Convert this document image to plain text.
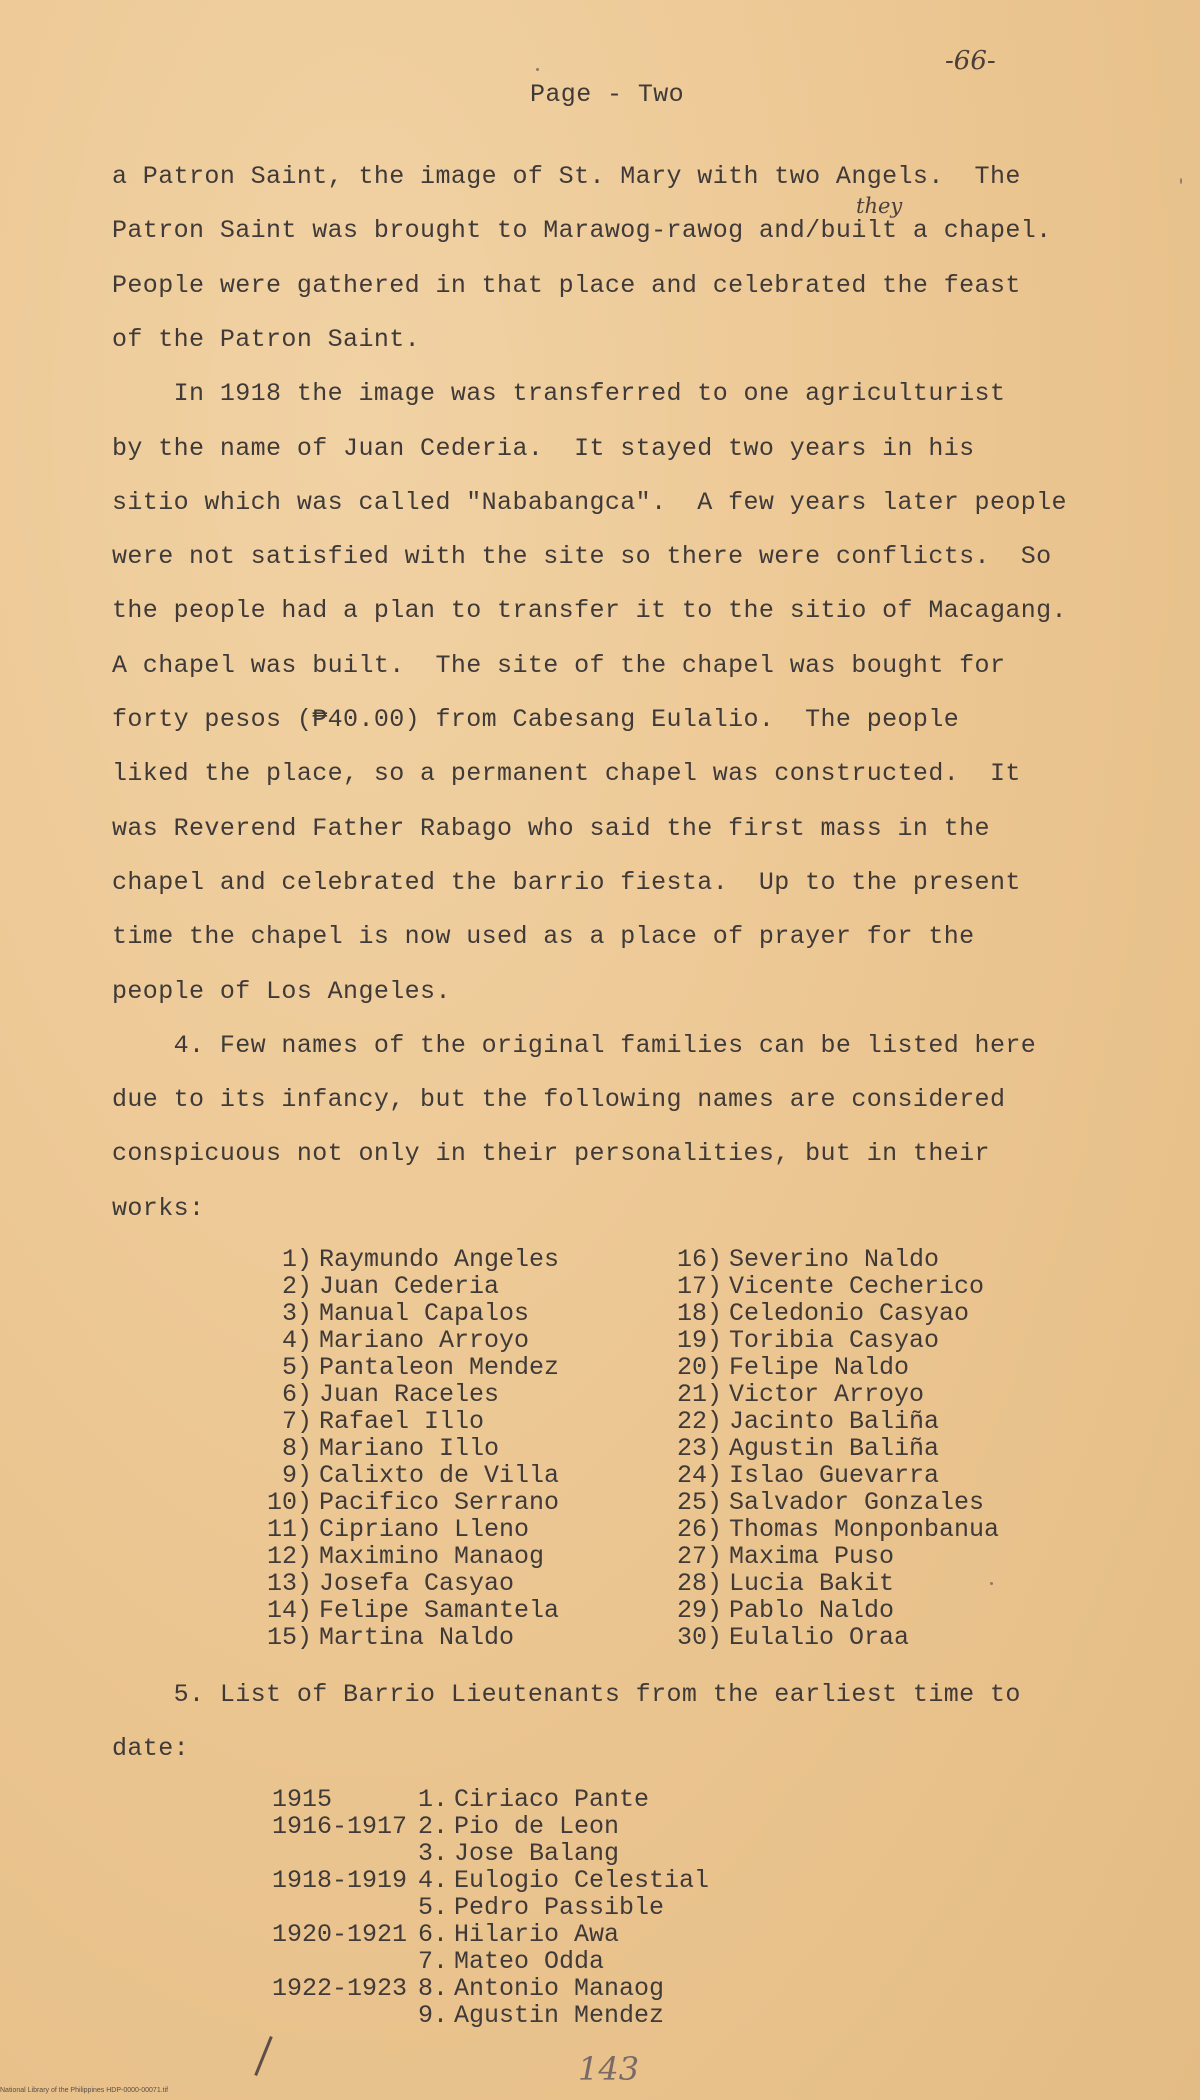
Page - Two
-66-
a Patron Saint, the image of St. Mary with two Angels.  The
Patron Saint was brought to Marawog-rawog and/built a chapel.
People were gathered in that place and celebrated the feast
of the Patron Saint.
In 1918 the image was transferred to one agriculturist
by the name of Juan Cederia.  It stayed two years in his
sitio which was called "Nababangca".  A few years later people
were not satisfied with the site so there were conflicts.  So
the people had a plan to transfer it to the sitio of Macagang.
A chapel was built.  The site of the chapel was bought for
forty pesos (₱40.00) from Cabesang Eulalio.  The people
liked the place, so a permanent chapel was constructed.  It
was Reverend Father Rabago who said the first mass in the
chapel and celebrated the barrio fiesta.  Up to the present
time the chapel is now used as a place of prayer for the
people of Los Angeles.
4. Few names of the original families can be listed here
due to its infancy, but the following names are considered
conspicuous not only in their personalities, but in their
works:
they
1) Raymundo Angeles
2) Juan Cederia
3) Manual Capalos
4) Mariano Arroyo
5) Pantaleon Mendez
6) Juan Raceles
7) Rafael Illo
8) Mariano Illo
9) Calixto de Villa
10) Pacifico Serrano
11) Cipriano Lleno
12) Maximino Manaog
13) Josefa Casyao
14) Felipe Samantela
15) Martina Naldo
16) Severino Naldo
17) Vicente Cecherico
18) Celedonio Casyao
19) Toribia Casyao
20) Felipe Naldo
21) Victor Arroyo
22) Jacinto Baliña
23) Agustin Baliña
24) Islao Guevarra
25) Salvador Gonzales
26) Thomas Monponbanua
27) Maxima Puso
28) Lucia Bakit
29) Pablo Naldo
30) Eulalio Oraa
5. List of Barrio Lieutenants from the earliest time to
date:
1915	1. Ciriaco Pante
1916-1917 2. Pio de Leon
3. Jose Balang
1918-1919 4. Eulogio Celestial
5. Pedro Passible
1920-1921 6. Hilario Awa
7. Mateo Odda
1922-1923 8. Antonio Manaog
9. Agustin Mendez
143
National Library of the Philippines HDP-0000-00071.tif
